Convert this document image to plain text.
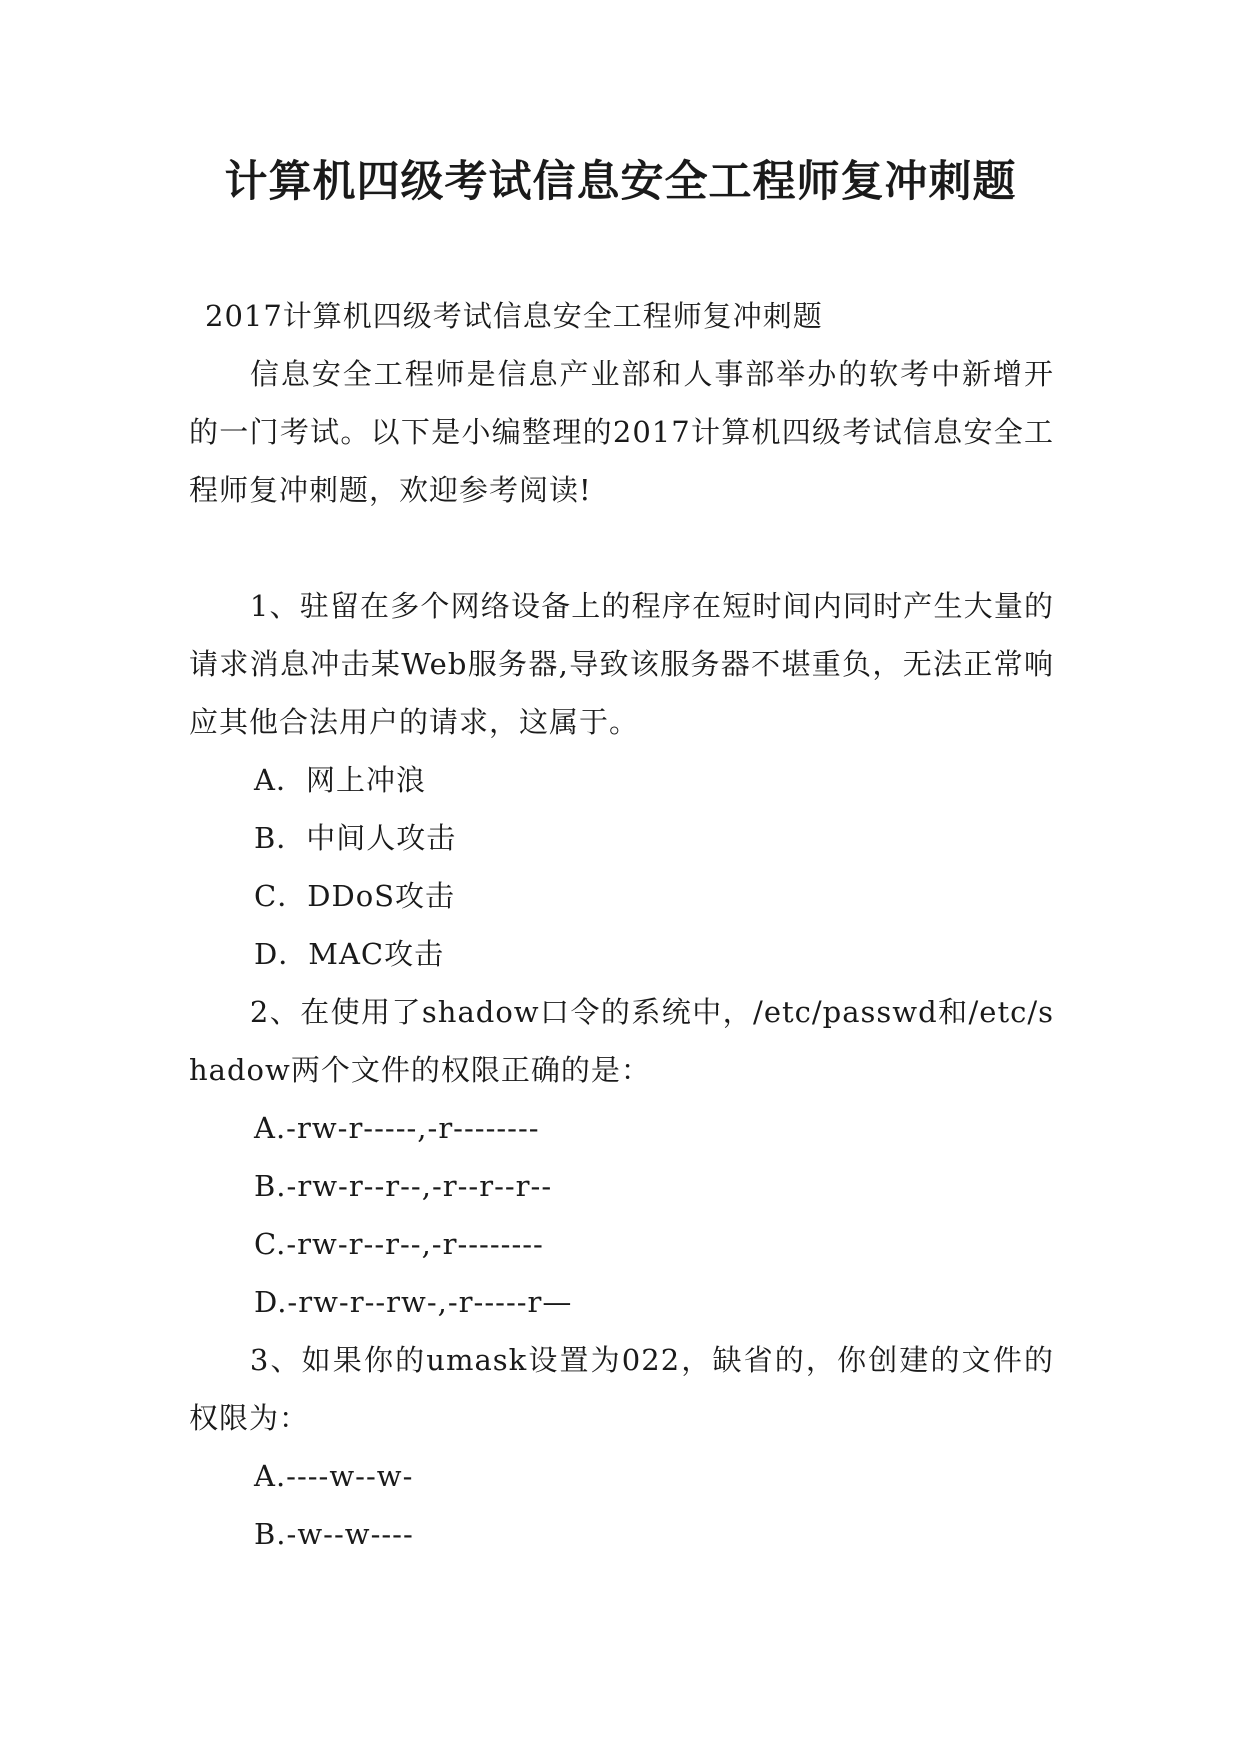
计算机四级考试信息安全工程师复冲刺题

2017计算机四级考试信息安全工程师复冲刺题

信息安全工程师是信息产业部和人事部举办的软考中新增开的一门考试。以下是小编整理的2017计算机四级考试信息安全工程师复冲刺题，欢迎参考阅读!

1、驻留在多个网络设备上的程序在短时间内同时产生大量的请求消息冲击某Web服务器,导致该服务器不堪重负，无法正常响应其他合法用户的请求，这属于。

A．网上冲浪

B．中间人攻击

C．DDoS攻击

D．MAC攻击

2、在使用了shadow口令的系统中，/etc/passwd和/etc/shadow两个文件的权限正确的是：

A.-rw-r-----,-r--------

B.-rw-r--r--,-r--r--r--

C.-rw-r--r--,-r--------

D.-rw-r--rw-,-r-----r—

3、如果你的umask设置为022，缺省的，你创建的文件的权限为：

A.----w--w-

B.-w--w----
